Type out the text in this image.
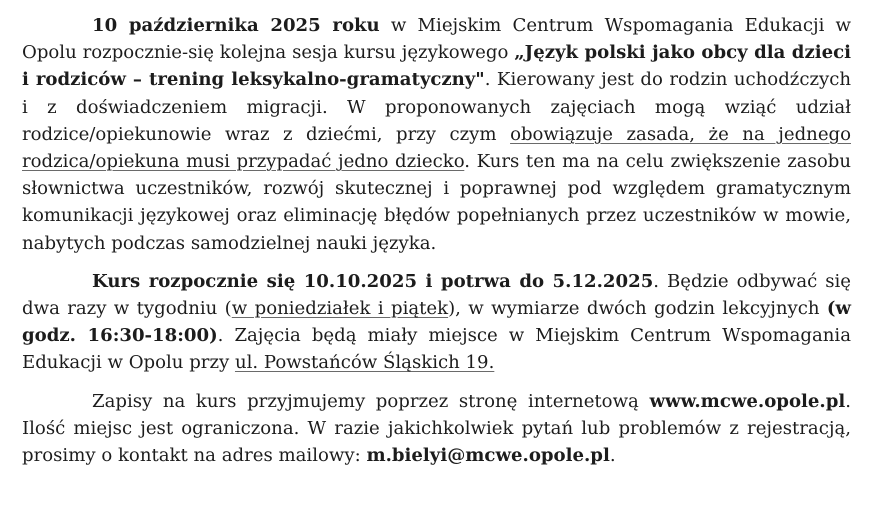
10 października 2025 roku w Miejskim Centrum Wspomagania Edukacji w Opolu rozpocznie-się kolejna sesja kursu językowego „Język polski jako obcy dla dzieci i rodziców – trening leksykalno-gramatyczny". Kierowany jest do rodzin uchodźczych i z doświadczeniem migracji. W proponowanych zajęciach mogą wziąć udział rodzice/opiekunowie wraz z dziećmi, przy czym obowiązuje zasada, że na jednego rodzica/opiekuna musi przypadać jedno dziecko. Kurs ten ma na celu zwiększenie zasobu słownictwa uczestników, rozwój skutecznej i poprawnej pod względem gramatycznym komunikacji językowej oraz eliminację błędów popełnianych przez uczestników w mowie, nabytych podczas samodzielnej nauki języka.

Kurs rozpocznie się 10.10.2025 i potrwa do 5.12.2025. Będzie odbywać się dwa razy w tygodniu (w poniedziałek i piątek), w wymiarze dwóch godzin lekcyjnych (w godz. 16:30-18:00). Zajęcia będą miały miejsce w Miejskim Centrum Wspomagania Edukacji w Opolu przy ul. Powstańców Śląskich 19.

Zapisy na kurs przyjmujemy poprzez stronę internetową www.mcwe.opole.pl. Ilość miejsc jest ograniczona. W razie jakichkolwiek pytań lub problemów z rejestracją, prosimy o kontakt na adres mailowy: m.bielyi@mcwe.opole.pl.
